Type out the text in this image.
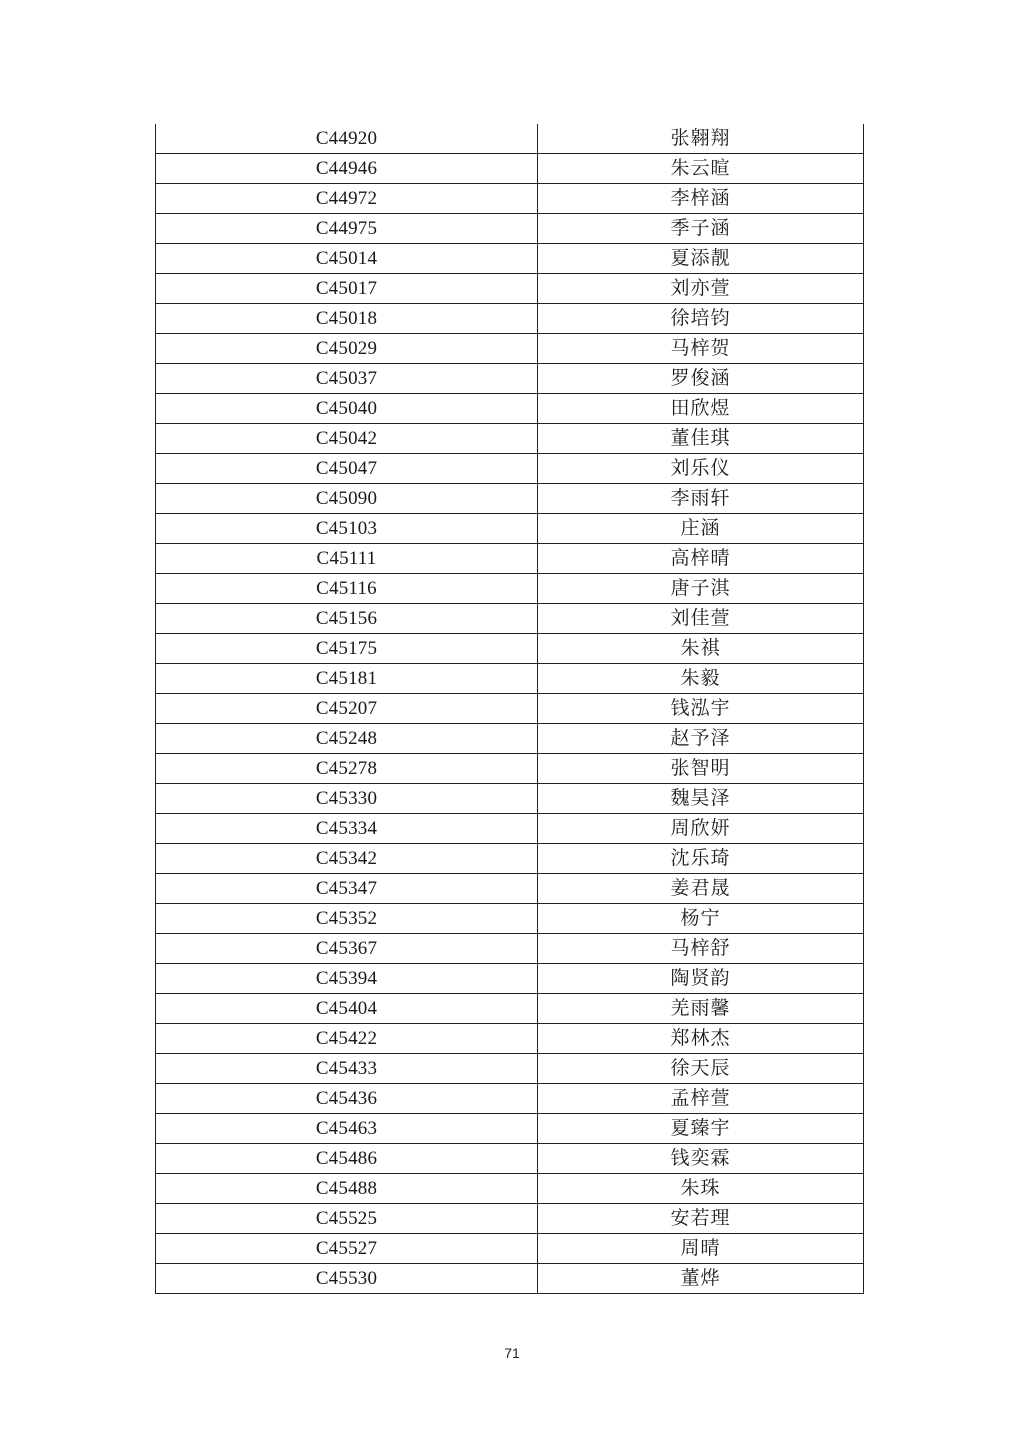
C44920	张翱翔
C44946	朱云暄
C44972	李梓涵
C44975	季子涵
C45014	夏添靓
C45017	刘亦萱
C45018	徐培钧
C45029	马梓贺
C45037	罗俊涵
C45040	田欣煜
C45042	董佳琪
C45047	刘乐仪
C45090	李雨轩
C45103	庄涵
C45111	高梓晴
C45116	唐子淇
C45156	刘佳萱
C45175	朱祺
C45181	朱毅
C45207	钱泓宇
C45248	赵予泽
C45278	张智明
C45330	魏昊泽
C45334	周欣妍
C45342	沈乐琦
C45347	姜君晟
C45352	杨宁
C45367	马梓舒
C45394	陶贤韵
C45404	羌雨馨
C45422	郑林杰
C45433	徐天辰
C45436	孟梓萱
C45463	夏臻宇
C45486	钱奕霖
C45488	朱珠
C45525	安若理
C45527	周晴
C45530	董烨
71
